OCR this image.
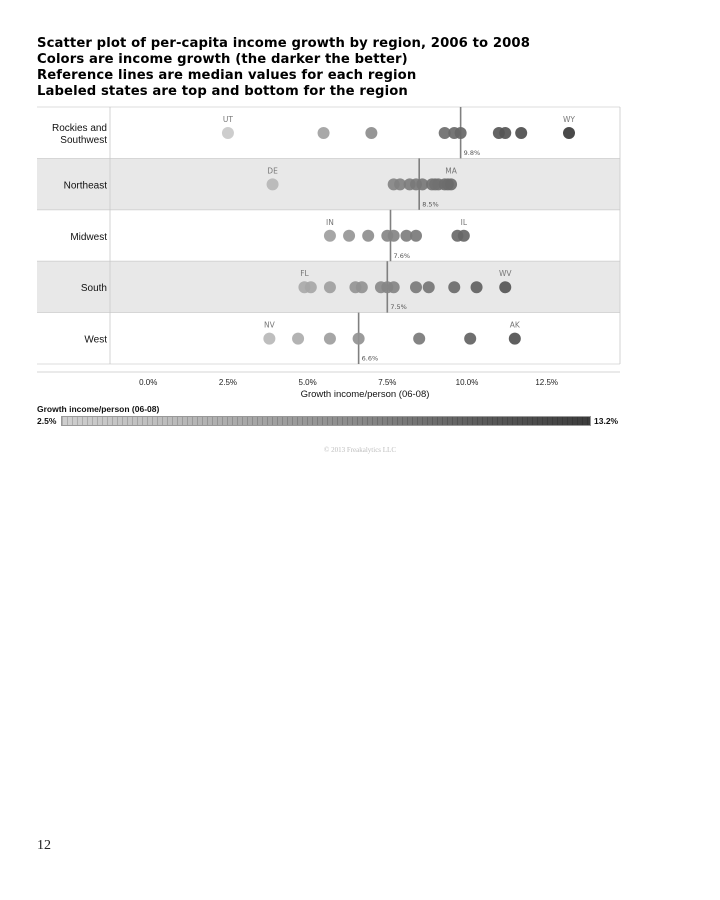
Scatter plot of per-capita income growth by region, 2006 to 2008
Colors are income growth (the darker the better)
Reference lines are median values for each region
Labeled states are top and bottom for the region
Rockies and
Southwest
Northeast
Midwest
South
West
9.8%
UT	WY
8.5%
DE	MA
7.6%
IN	IL
7.5%
FL	WV
6.6%
NV	AK
0.0%	2.5%	5.0%	7.5%	10.0%	12.5%
Growth income/person (06-08)
Growth income/person (06-08)
2.5%	13.2%
© 2013 Freakalytics LLC
12
